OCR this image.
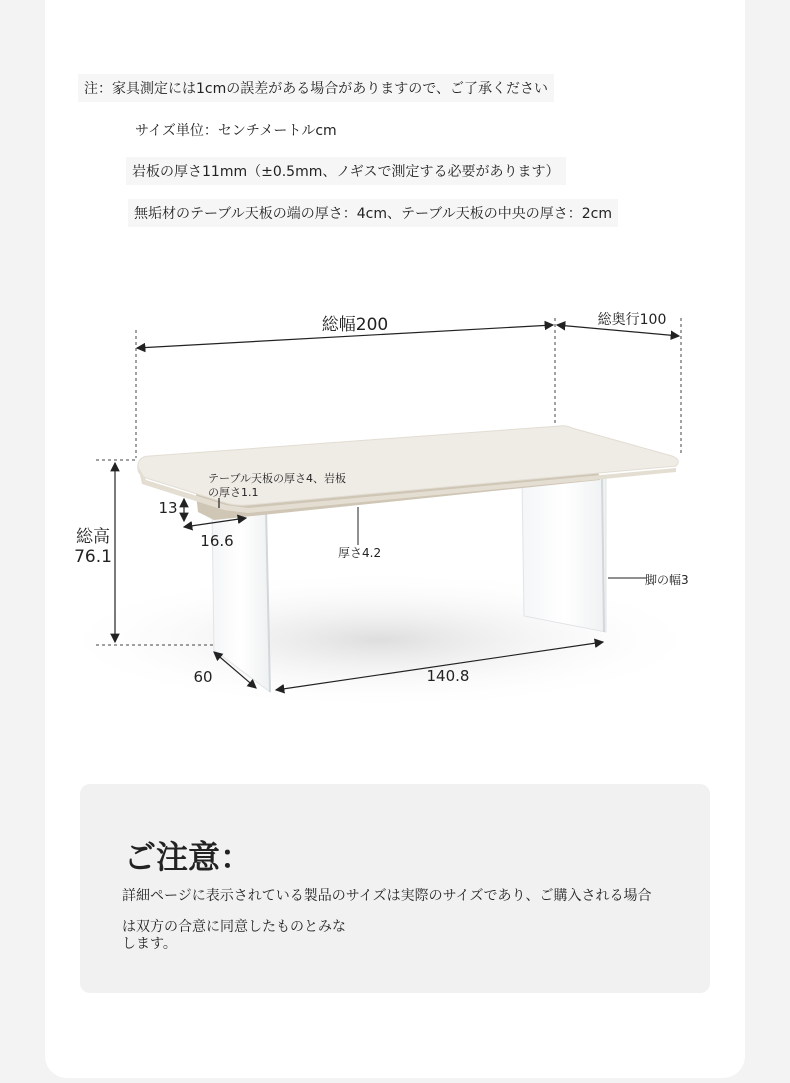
注：家具測定には1cmの誤差がある場合がありますので、ご了承ください
サイズ単位：センチメートルcm
岩板の厚さ11mm（±0.5mm、ノギスで測定する必要があります）
無垢材のテーブル天板の端の厚さ：4cm、テーブル天板の中央の厚さ：2cm
総幅200	総奥行100
総高
76.1
テーブル天板の厚さ4、岩板
の厚さ1.1
13
16.6
厚さ4.2
脚の幅3
60	140.8
ご注意：
詳細ページに表示されている製品のサイズは実際のサイズであり、ご購入される場合
は双方の合意に同意したものとみな
します。
